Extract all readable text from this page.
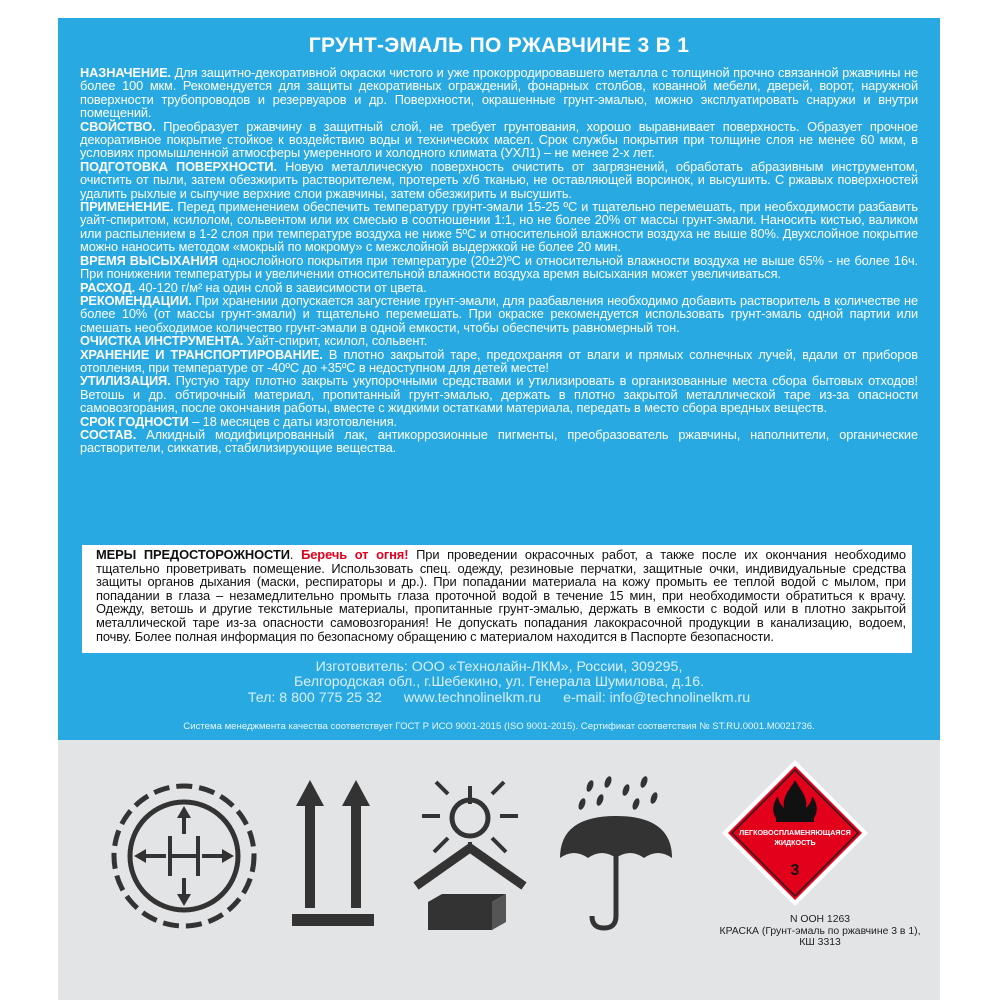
ГРУНТ-ЭМАЛЬ ПО РЖАВЧИНЕ 3 В 1

НАЗНАЧЕНИЕ. Для защитно-декоративной окраски чистого и уже прокорродировавшего металла с толщиной прочно связанной ржавчины не более 100 мкм. Рекомендуется для защиты декоративных ограждений, фонарных столбов, кованной мебели, дверей, ворот, наружной поверхности трубопроводов и резервуаров и др. Поверхности, окрашенные грунт-эмалью, можно эксплуатировать снаружи и внутри помещений.

СВОЙСТВО. Преобразует ржавчину в защитный слой, не требует грунтования, хорошо выравнивает поверхность. Образует прочное декоративное покрытие стойкое к воздействию воды и технических масел. Срок службы покрытия при толщине слоя не менее 60 мкм, в условиях промышленной атмосферы умеренного и холодного климата (УХЛ1) – не менее 2-х лет.

ПОДГОТОВКА ПОВЕРХНОСТИ. Новую металлическую поверхность очистить от загрязнений, обработать абразивным инструментом, очистить от пыли, затем обезжирить растворителем, протереть х/б тканью, не оставляющей ворсинок, и высушить. С ржавых поверхностей удалить рыхлые и сыпучие верхние слои ржавчины, затем обезжирить и высушить.

ПРИМЕНЕНИЕ. Перед применением обеспечить температуру грунт-эмали 15-25 ºС и тщательно перемешать, при необходимости разбавить уайт-спиритом, ксилолом, сольвентом или их смесью в соотношении 1:1, но не более 20% от массы грунт-эмали. Наносить кистью, валиком или распылением в 1-2 слоя при температуре воздуха не ниже 5ºС и относительной влажности воздуха не выше 80%. Двухслойное покрытие можно наносить методом «мокрый по мокрому» с межслойной выдержкой не более 20 мин.

ВРЕМЯ ВЫСЫХАНИЯ однослойного покрытия при температуре (20±2)ºС и относительной влажности воздуха не выше 65% - не более 16ч. При понижении температуры и увеличении относительной влажности воздуха время высыхания может увеличиваться.

РАСХОД. 40-120 г/м² на один слой в зависимости от цвета.

РЕКОМЕНДАЦИИ. При хранении допускается загустение грунт-эмали, для разбавления необходимо добавить растворитель в количестве не более 10% (от массы грунт-эмали) и тщательно перемешать. При окраске рекомендуется использовать грунт-эмаль одной партии или смешать необходимое количество грунт-эмали в одной емкости, чтобы обеспечить равномерный тон.

ОЧИСТКА ИНСТРУМЕНТА. Уайт-спирит, ксилол, сольвент.

ХРАНЕНИЕ И ТРАНСПОРТИРОВАНИЕ. В плотно закрытой таре, предохраняя от влаги и прямых солнечных лучей, вдали от приборов отопления, при температуре от -40ºС до +35ºС в недоступном для детей месте!

УТИЛИЗАЦИЯ. Пустую тару плотно закрыть укупорочными средствами и утилизировать в организованные места сбора бытовых отходов! Ветошь и др. обтирочный материал, пропитанный грунт-эмалью, держать в плотно закрытой металлической таре из-за опасности самовозгорания, после окончания работы, вместе с жидкими остатками материала, передать в место сбора вредных веществ.

СРОК ГОДНОСТИ – 18 месяцев с даты изготовления.

СОСТАВ. Алкидный модифицированный лак, антикоррозионные пигменты, преобразователь ржавчины, наполнители, органические растворители, сиккатив, стабилизирующие вещества.

МЕРЫ ПРЕДОСТОРОЖНОСТИ. Беречь от огня! При проведении окрасочных работ, а также после их окончания необходимо тщательно проветривать помещение. Использовать спец. одежду, резиновые перчатки, защитные очки, индивидуальные средства защиты органов дыхания (маски, респираторы и др.). При попадании материала на кожу промыть ее теплой водой с мылом, при попадании в глаза – незамедлительно промыть глаза проточной водой в течение 15 мин, при необходимости обратиться к врачу. Одежду, ветошь и другие текстильные материалы, пропитанные грунт-эмалью, держать в емкости с водой или в плотно закрытой металлической таре из-за опасности самовозгорания! Не допускать попадания лакокрасочной продукции в канализацию, водоем, почву. Более полная информация по безопасному обращению с материалом находится в Паспорте безопасности.
Изготовитель: ООО «Технолайн-ЛКМ», России, 309295,
Белгородская обл., г.Шебекино, ул. Генерала Шумилова, д.16.
Тел: 8 800 775 25 32 www.technolinelkm.ru e-mail: info@technolinelkm.ru
Система менеджмента качества соответствует ГОСТ Р ИСО 9001-2015 (ISO 9001-2015). Сертификат соответствия № ST.RU.0001.M0021736.
3
ЛЕГКОВОСПЛАМЕНЯЮЩАЯСЯ
ЖИДКОСТЬ
N ООН 1263
КРАСКА (Грунт-эмаль по ржавчине 3 в 1),
КШ 3313
